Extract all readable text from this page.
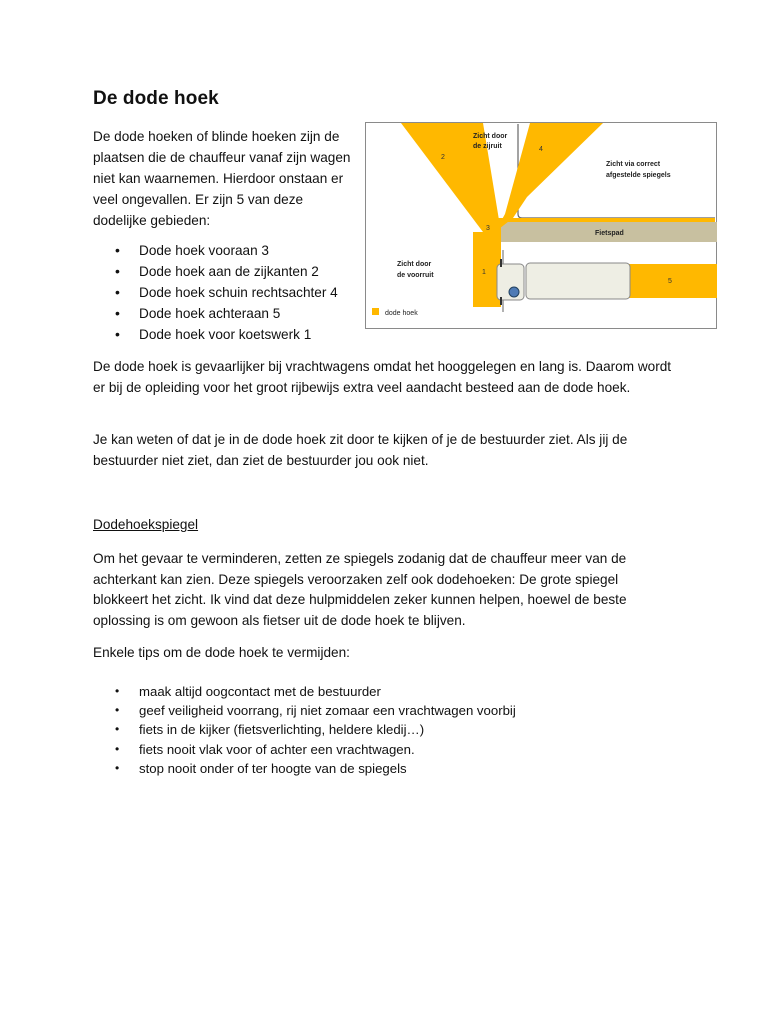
De dode hoek

De dode hoeken of blinde hoeken zijn de plaatsen die de chauffeur vanaf zijn wagen niet kan waarnemen. Hierdoor onstaan er veel ongevallen. Er zijn 5 van deze dodelijke gebieden:

• Dode hoek vooraan 3
• Dode hoek aan de zijkanten 2
• Dode hoek schuin rechtsachter 4
• Dode hoek achteraan 5
• Dode hoek voor koetswerk 1
Zicht door
de zijruit
Zicht via correct
afgestelde spiegels
Zicht door
de voorruit
Fietspad
dode hoek
1
2
3
4
5

De dode hoek is gevaarlijker bij vrachtwagens omdat het hooggelegen en lang is. Daarom wordt er bij de opleiding voor het groot rijbewijs extra veel aandacht besteed aan de dode hoek.

Je kan weten of dat je in de dode hoek zit door te kijken of je de bestuurder ziet. Als jij de bestuurder niet ziet, dan ziet de bestuurder jou ook niet.

Dodehoekspiegel

Om het gevaar te verminderen, zetten ze spiegels zodanig dat de chauffeur meer van de achterkant kan zien. Deze spiegels veroorzaken zelf ook dodehoeken: De grote spiegel blokkeert het zicht. Ik vind dat deze hulpmiddelen zeker kunnen helpen, hoewel de beste oplossing is om gewoon als fietser uit de dode hoek te blijven.

Enkele tips om de dode hoek te vermijden:

• maak altijd oogcontact met de bestuurder
• geef veiligheid voorrang, rij niet zomaar een vrachtwagen voorbij
• fiets in de kijker (fietsverlichting, heldere kledij…)
• fiets nooit vlak voor of achter een vrachtwagen.
• stop nooit onder of ter hoogte van de spiegels
